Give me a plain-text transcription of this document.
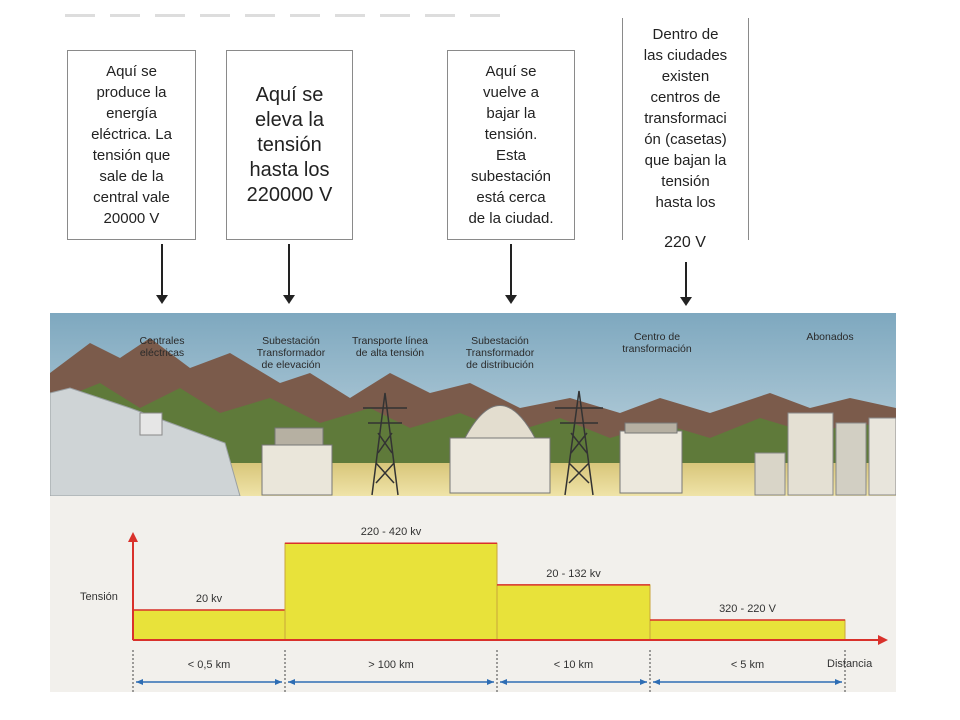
Aquí se
produce la
energía
eléctrica. La
tensión que
sale de la
central vale
20000 V
Aquí se
eleva la
tensión
hasta los
220000 V
Aquí se
vuelve a
bajar la
tensión.
Esta
subestación
está cerca
de la ciudad.
Dentro de
las ciudades
existen
centros de
transformaci
ón (casetas)
que bajan la
tensión
hasta los
220 V
Centrales
eléctricas
Subestación
Transformador
de elevación
Transporte línea
de alta tensión
Subestación
Transformador
de distribución
Centro de
transformación
Abonados
20 kv
< 0,5 km
220 - 420 kv
> 100 km
20 - 132 kv
< 10 km
320 - 220 V
< 5 km
Tensión
Distancia
